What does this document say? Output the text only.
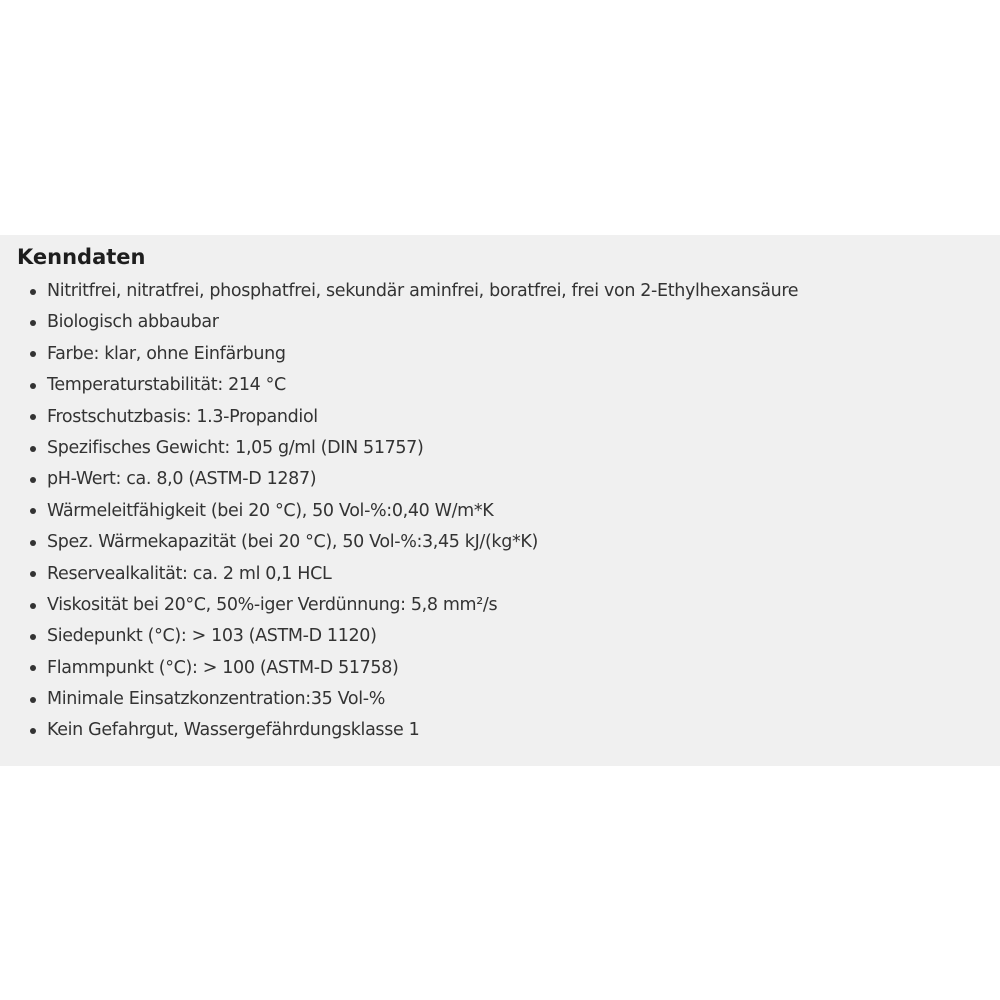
Kenndaten
Nitritfrei, nitratfrei, phosphatfrei, sekundär aminfrei, boratfrei, frei von 2-Ethylhexansäure
Biologisch abbaubar
Farbe: klar, ohne Einfärbung
Temperaturstabilität: 214 °C
Frostschutzbasis: 1.3-Propandiol
Spezifisches Gewicht: 1,05 g/ml (DIN 51757)
pH-Wert: ca. 8,0 (ASTM-D 1287)
Wärmeleitfähigkeit (bei 20 °C), 50 Vol-%:0,40 W/m*K
Spez. Wärmekapazität (bei 20 °C), 50 Vol-%:3,45 kJ/(kg*K)
Reservealkalität: ca. 2 ml 0,1 HCL
Viskosität bei 20°C, 50%-iger Verdünnung: 5,8 mm²/s
Siedepunkt (°C): > 103 (ASTM-D 1120)
Flammpunkt (°C): > 100 (ASTM-D 51758)
Minimale Einsatzkonzentration:35 Vol-%
Kein Gefahrgut, Wassergefährdungsklasse 1
